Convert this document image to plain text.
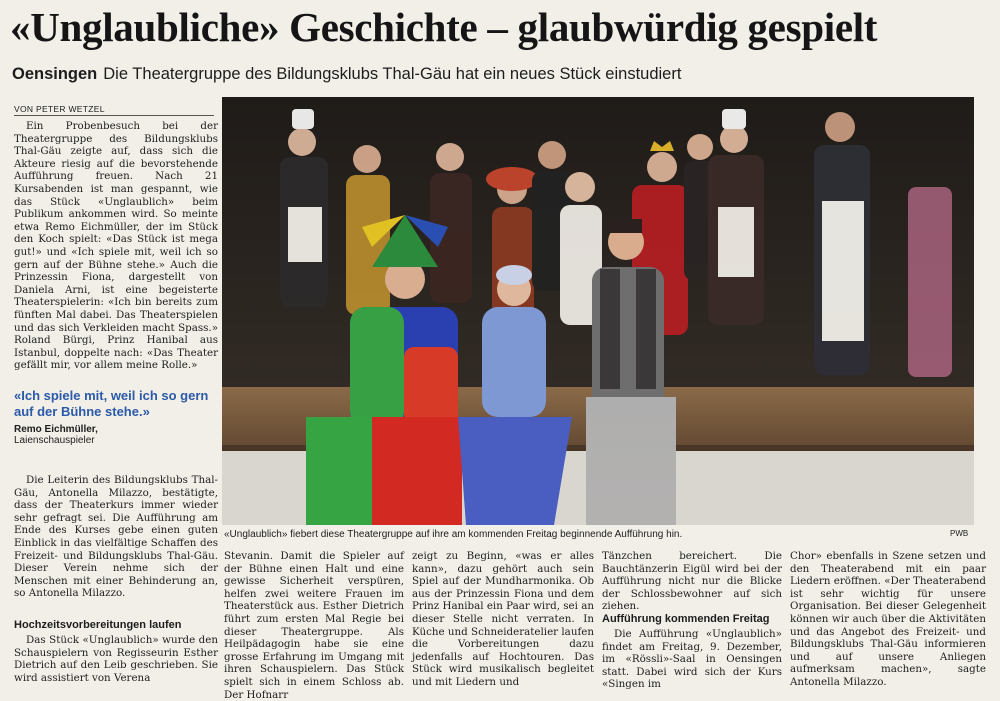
«Unglaubliche» Geschichte – glaubwürdig gespielt
Oensingen Die Theatergruppe des Bildungsklubs Thal-Gäu hat ein neues Stück einstudiert
VON PETER WETZEL

Ein Probenbesuch bei der Theatergruppe des Bildungsklubs Thal-Gäu zeigte auf, dass sich die Akteure riesig auf die bevorstehende Aufführung freuen. Nach 21 Kursabenden ist man gespannt, wie das Stück «Unglaublich» beim Publikum ankommen wird. So meinte etwa Remo Eichmüller, der im Stück den Koch spielt: «Das Stück ist mega gut!» und «Ich spiele mit, weil ich so gern auf der Bühne stehe.» Auch die Prinzessin Fiona, dargestellt von Daniela Arni, ist eine begeisterte Theaterspielerin: «Ich bin bereits zum fünften Mal dabei. Das Theaterspielen und das sich Verkleiden macht Spass.» Roland Bürgi, Prinz Hanibal aus Istanbul, doppelte nach: «Das Theater gefällt mir, vor allem meine Rolle.»

«Ich spiele mit, weil ich so gern auf der Bühne stehe.»
Remo Eichmüller,
Laienschauspieler

Die Leiterin des Bildungsklubs Thal-Gäu, Antonella Milazzo, bestätigte, dass der Theaterkurs immer wieder sehr gefragt sei. Die Aufführung am Ende des Kurses gebe einen guten Einblick in das vielfältige Schaffen des Freizeit- und Bildungsklubs Thal-Gäu. Dieser Verein nehme sich der Menschen mit einer Behinderung an, so Antonella Milazzo.

Hochzeitsvorbereitungen laufen

Das Stück «Unglaublich» wurde den Schauspielern von Regisseurin Esther Dietrich auf den Leib geschrieben. Sie wird assistiert von Verena

«Unglaublich» fiebert diese Theatergruppe auf ihre am kommenden Freitag beginnende Aufführung hin.	PWB

Stevanin. Damit die Spieler auf der Bühne einen Halt und eine gewisse Sicherheit verspüren, helfen zwei weitere Frauen im Theaterstück aus. Esther Dietrich führt zum ersten Mal Regie bei dieser Theatergruppe. Als Heilpädagogin habe sie eine grosse Erfahrung im Umgang mit ihren Schauspielern. Das Stück spielt sich in einem Schloss ab. Der Hofnarr

zeigt zu Beginn, «was er alles kann», dazu gehört auch sein Spiel auf der Mundharmonika. Ob aus der Prinzessin Fiona und dem Prinz Hanibal ein Paar wird, sei an dieser Stelle nicht verraten. In Küche und Schneideratelier laufen die Vorbereitungen dazu jedenfalls auf Hochtouren. Das Stück wird musikalisch begleitet und mit Liedern und

Tänzchen bereichert. Die Bauchtänzerin Eigül wird bei der Aufführung nicht nur die Blicke der Schlossbewohner auf sich ziehen.

Aufführung kommenden Freitag

Die Aufführung «Unglaublich» findet am Freitag, 9. Dezember, im «Rössli»-Saal in Oensingen statt. Dabei wird sich der Kurs «Singen im

Chor» ebenfalls in Szene setzen und den Theaterabend mit ein paar Liedern eröffnen. «Der Theaterabend ist sehr wichtig für unsere Organisation. Bei dieser Gelegenheit können wir auch über die Aktivitäten und das Angebot des Freizeit- und Bildungsklubs Thal-Gäu informieren und auf unsere Anliegen aufmerksam machen», sagte Antonella Milazzo.
